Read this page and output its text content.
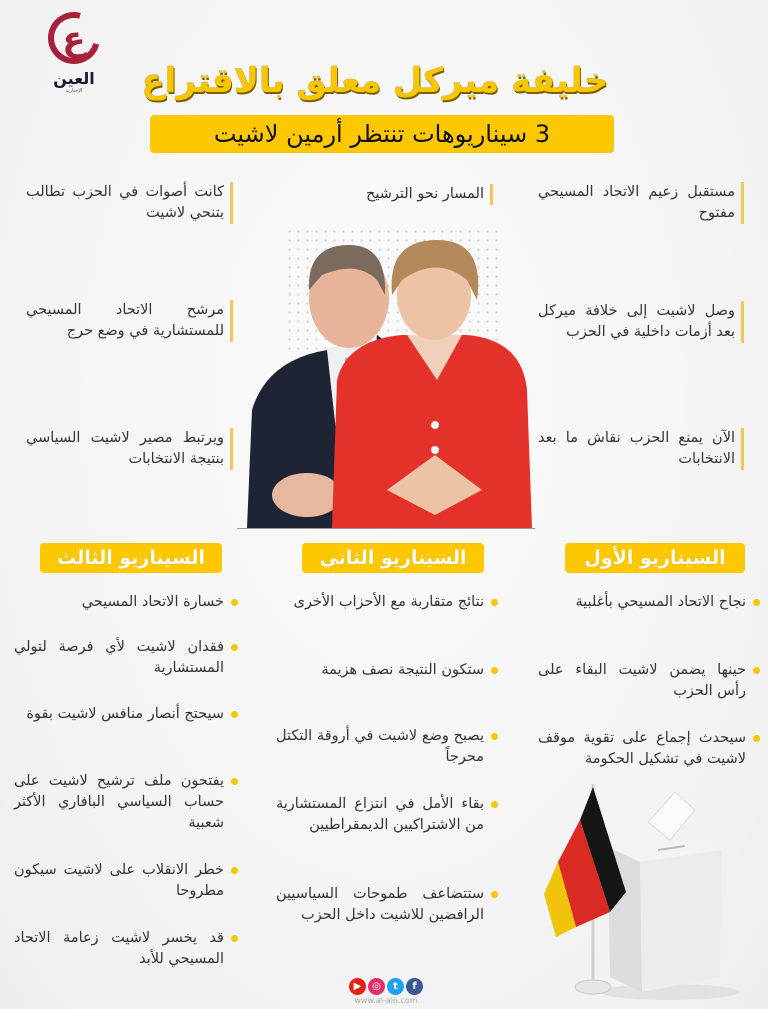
ع
العين
الإخبارية	خليفة ميركل معلق بالاقتراع
3 سيناريوهات تنتظر أرمين لاشيت
المسار نحو الترشيح	مستقبل زعيم الاتحاد المسيحي مفتوح
وصل لاشيت إلى خلافة ميركل بعد أزمات داخلية في الحزب
الآن يمنع الحزب نقاش ما بعد الانتخابات
كانت أصوات في الحزب تطالب بتنحي لاشيت
مرشح الاتحاد المسيحي للمستشارية في وضع حرج
ويرتبط مصير لاشيت السياسي بنتيجة الانتخابات
السيناريو الأول
السيناريو الثاني
السيناريو الثالث
نجاح الاتحاد المسيحي بأغلبية
حينها يضمن لاشيت البقاء على رأس الحزب
سيحدث إجماع على تقوية موقف لاشيت في تشكيل الحكومة
نتائج متقاربة مع الأحزاب الأخرى
ستكون النتيجة نصف هزيمة
يصبح وضع لاشيت في أروقة التكتل محرجاً
بقاء الأمل في انتزاع المستشارية من الاشتراكيين الديمقراطيين
ستتضاعف طموحات السياسيين الرافضين للاشيت داخل الحزب
خسارة الاتحاد المسيحي
فقدان لاشيت لأي فرصة لتولي المستشارية
سيحتج أنصار منافس لاشيت بقوة
يفتحون ملف ترشيح لاشيت على حساب السياسي البافاري الأكثر شعبية
خطر الانقلاب على لاشيت سيكون مطروحا
قد يخسر لاشيت زعامة الاتحاد المسيحي للأبد
▶	◎	t	f
www.al-ain.com
